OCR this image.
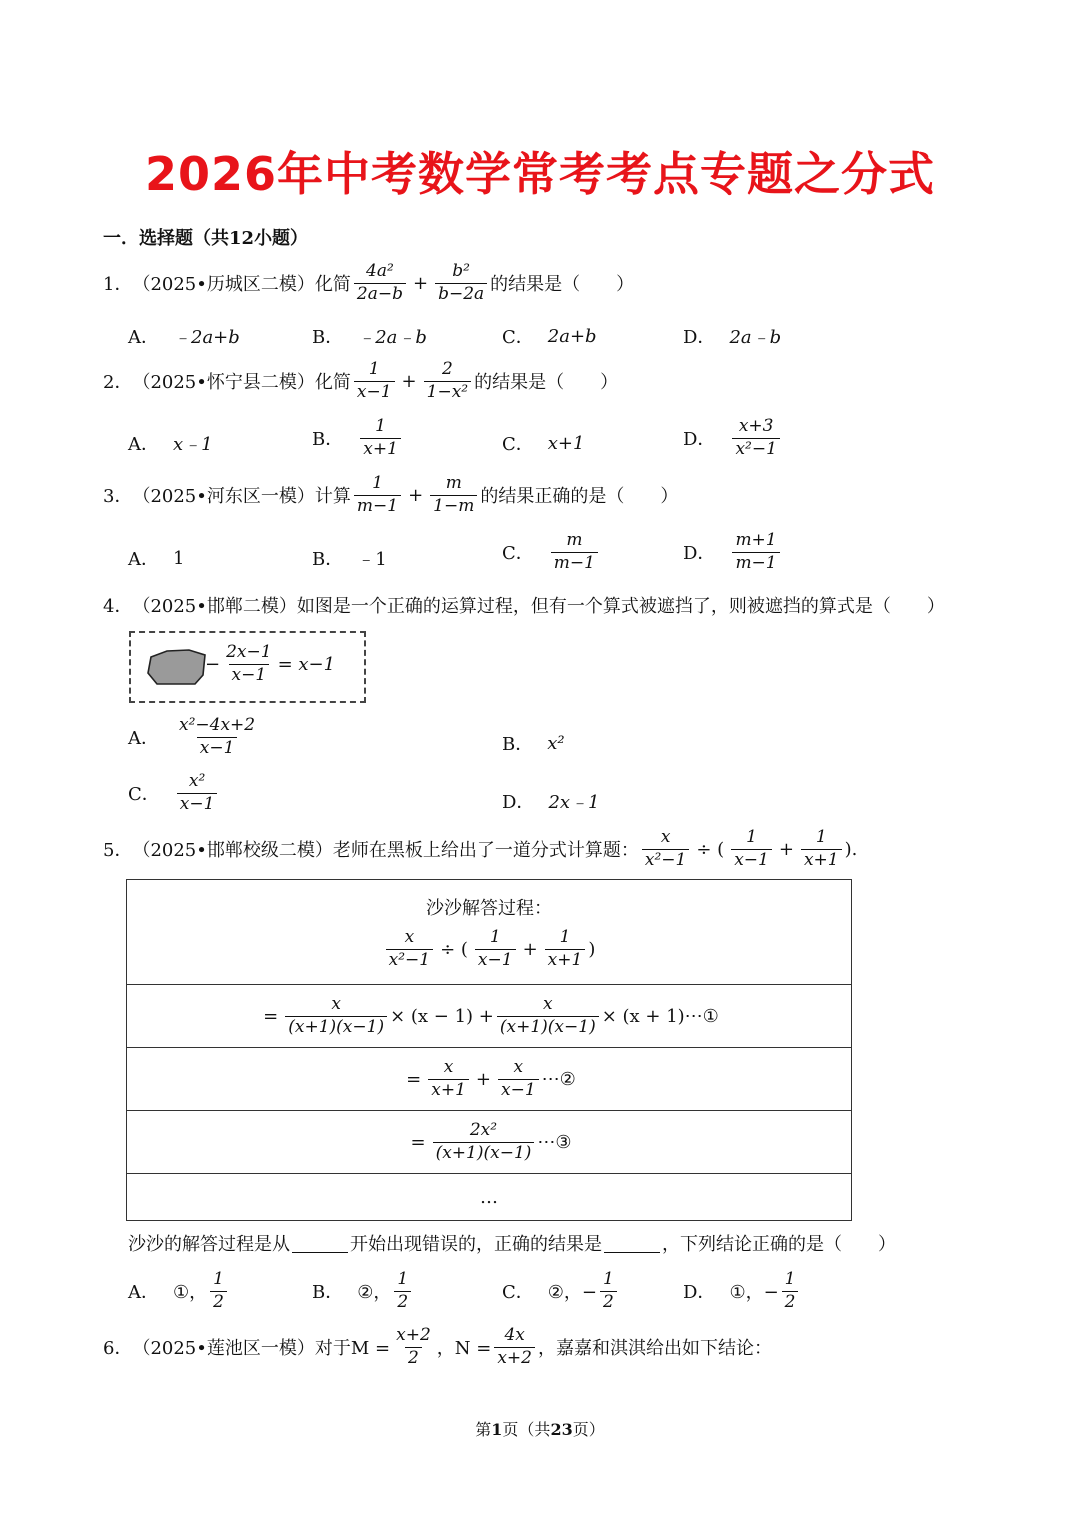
2026年中考数学常考考点专题之分式
一．选择题（共12小题）
1． （2025•历城区二模）化简 $\frac{\text{4a²}}{2a-b} + \frac{\text{b²}}{b-2a}$ 的结果是（　　）
A． ﹣2a+b	B． ﹣2a﹣b	C． 2a+b	D． 2a﹣b
2． （2025•怀宁县二模）化简 $\frac{1}{x-1} + \frac{2}{\text{1−x²}}$ 的结果是（　　）
A． x﹣1	B． $\frac{1}{x+1}$	C． x+1	D． $\frac{x+3}{\text{x²−1}}$
3． （2025•河东区一模）计算 $\frac{1}{m-1} + \frac{m}{1-m}$ 的结果正确的是（　　）
A． 1	B． ﹣1	C． $\frac{m}{m-1}$	D． $\frac{m+1}{m-1}$
4． （2025•邯郸二模）如图是一个正确的运算过程，但有一个算式被遮挡了，则被遮挡的算式是（　　）
− $\frac{2x-1}{x-1} = x-1$
A． $\frac{\text{x²−4x+2}}{x-1}$	B． x²
C． $\frac{\text{x²}}{x-1}$	D． 2x﹣1
5． （2025•邯郸校级二模）老师在黑板上给出了一道分式计算题： $\frac{x}{\text{x²−1}}$ ÷ ( $\frac{1}{x-1} + \frac{1}{x+1}$ ).
沙沙解答过程：
$\frac{x}{\text{x²−1}}$ ÷ ( $\frac{1}{x-1} + \frac{1}{x+1}$ )
= $\frac{x}{(x+1)(x-1)} \times (x - 1) + \frac{x}{(x+1)(x-1)} \times (x$ + 1)⋯①
= $\frac{x}{x+1} + \frac{x}{x-1}$ ⋯②
= $\frac{\text{2x²}}{(x+1)(x-1)}$ ⋯③
…
沙沙的解答过程是从	开始出现错误的，正确的结果是	，下列结论正确的是（　　）
A． ①， $\frac{1}{2}$	B． ②， $\frac{1}{2}$	C． ②，− $\frac{1}{2}$	D． ①，− $\frac{1}{2}$
6． （2025•莲池区一模）对于$M = \frac{x+2}{2}$ ，$N = \frac{4x}{x+2}$ ，嘉嘉和淇淇给出如下结论：
第1页（共23页）
